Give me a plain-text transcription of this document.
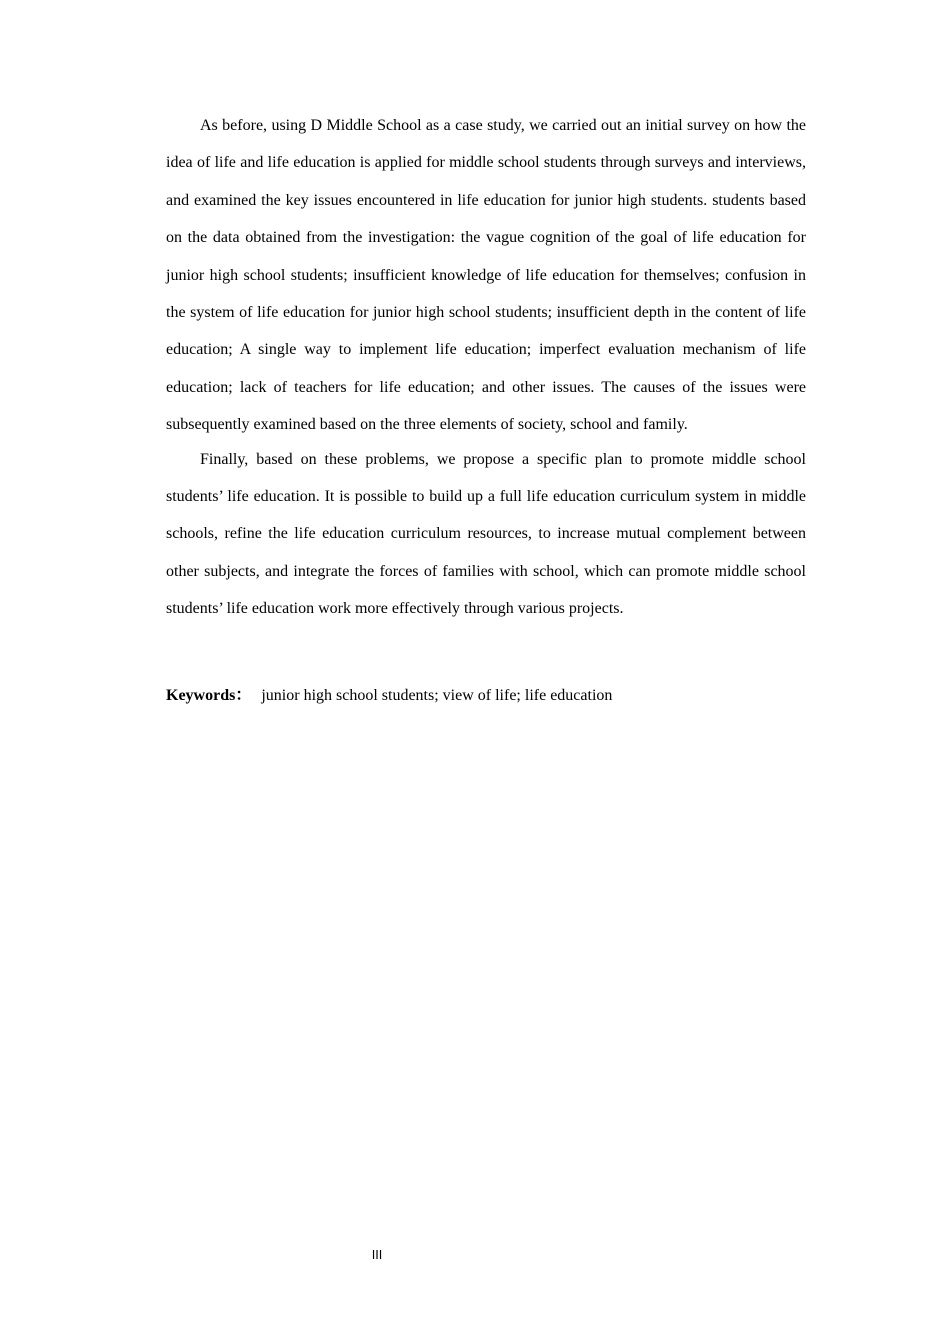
As before, using D Middle School as a case study, we carried out an initial survey on how the idea of life and life education is applied for middle school students through surveys and interviews, and examined the key issues encountered in life education for junior high students. students based on the data obtained from the investigation: the vague cognition of the goal of life education for junior high school students; insufficient knowledge of life education for themselves; confusion in the system of life education for junior high school students; insufficient depth in the content of life education; A single way to implement life education; imperfect evaluation mechanism of life education; lack of teachers for life education; and other issues. The causes of the issues were subsequently examined based on the three elements of society, school and family.

Finally, based on these problems, we propose a specific plan to promote middle school students’ life education. It is possible to build up a full life education curriculum system in middle schools, refine the life education curriculum resources, to increase mutual complement between other subjects, and integrate the forces of families with school, which can promote middle school students’ life education work more effectively through various projects.

Keywords： junior high school students; view of life; life education
III
